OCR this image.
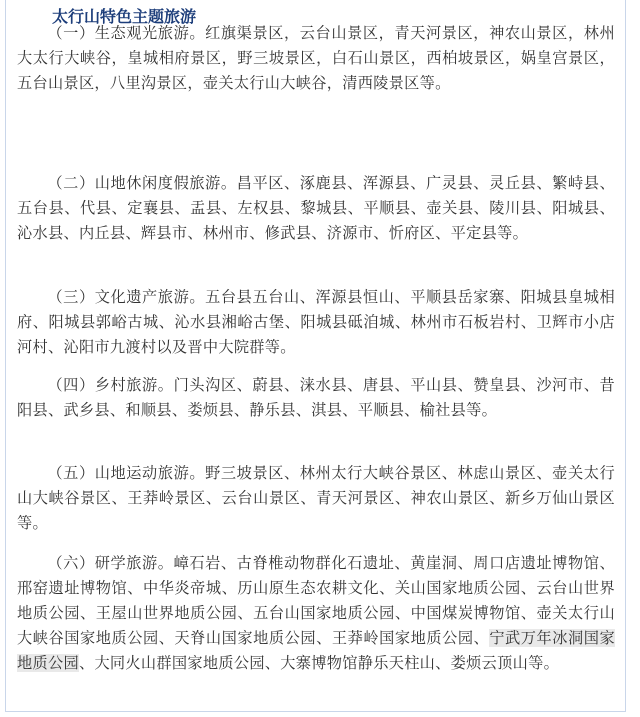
太行山特色主题旅游

（一）生态观光旅游。红旗渠景区，云台山景区，青天河景区，神农山景区，林州大太行大峡谷，皇城相府景区，野三坡景区，白石山景区，西柏坡景区，娲皇宫景区，五台山景区，八里沟景区，壶关太行山大峡谷，清西陵景区等。

（二）山地休闲度假旅游。昌平区、涿鹿县、浑源县、广灵县、灵丘县、繁峙县、五台县、代县、定襄县、盂县、左权县、黎城县、平顺县、壶关县、陵川县、阳城县、沁水县、内丘县、辉县市、林州市、修武县、济源市、忻府区、平定县等。

（三）文化遗产旅游。五台县五台山、浑源县恒山、平顺县岳家寨、阳城县皇城相府、阳城县郭峪古城、沁水县湘峪古堡、阳城县砥洎城、林州市石板岩村、卫辉市小店河村、沁阳市九渡村以及晋中大院群等。

（四）乡村旅游。门头沟区、蔚县、涞水县、唐县、平山县、赞皇县、沙河市、昔阳县、武乡县、和顺县、娄烦县、静乐县、淇县、平顺县、榆社县等。

（五）山地运动旅游。野三坡景区、林州太行大峡谷景区、林虑山景区、壶关太行山大峡谷景区、王莽岭景区、云台山景区、青天河景区、神农山景区、新乡万仙山景区等。

（六）研学旅游。嶂石岩、古脊椎动物群化石遗址、黄崖洞、周口店遗址博物馆、邢窑遗址博物馆、中华炎帝城、历山原生态农耕文化、关山国家地质公园、云台山世界地质公园、王屋山世界地质公园、五台山国家地质公园、中国煤炭博物馆、壶关太行山大峡谷国家地质公园、天脊山国家地质公园、王莽岭国家地质公园、宁武万年冰洞国家地质公园、大同火山群国家地质公园、大寨博物馆静乐天柱山、娄烦云顶山等。
